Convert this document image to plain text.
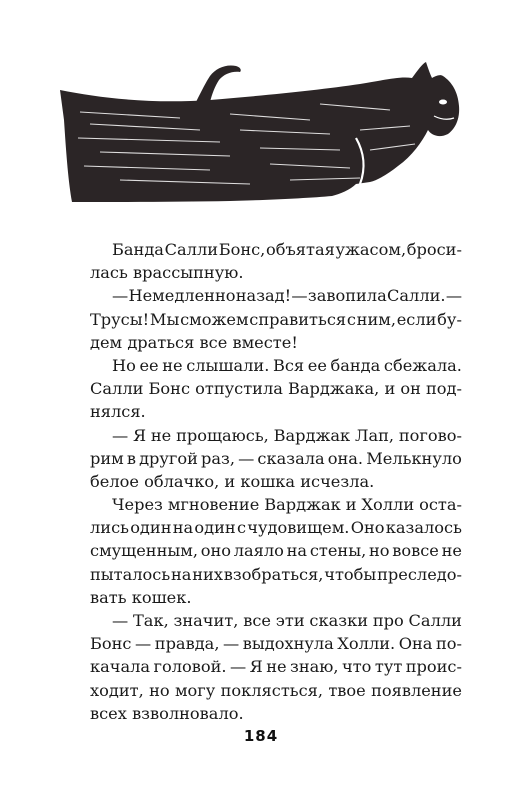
Банда Салли Бонс, объятая ужасом, броси-
лась врассыпную.
— Немедленно назад! — завопила Салли. —
Трусы! Мы сможем справиться с ним, если бу-
дем драться все вместе!
Но ее не слышали. Вся ее банда сбежала.
Салли Бонс отпустила Варджака, и он под-
нялся.
— Я не прощаюсь, Варджак Лап, погово-
рим в другой раз, — сказала она. Мелькнуло
белое облачко, и кошка исчезла.
Через мгновение Варджак и Холли оста-
лись один на один с чудовищем. Оно казалось
смущенным, оно лаяло на стены, но вовсе не
пыталось на них взобраться, чтобы преследо-
вать кошек.
— Так, значит, все эти сказки про Салли
Бонс — правда, — выдохнула Холли. Она по-
качала головой. — Я не знаю, что тут проис-
ходит, но могу поклясться, твое появление
всех взволновало.
184
